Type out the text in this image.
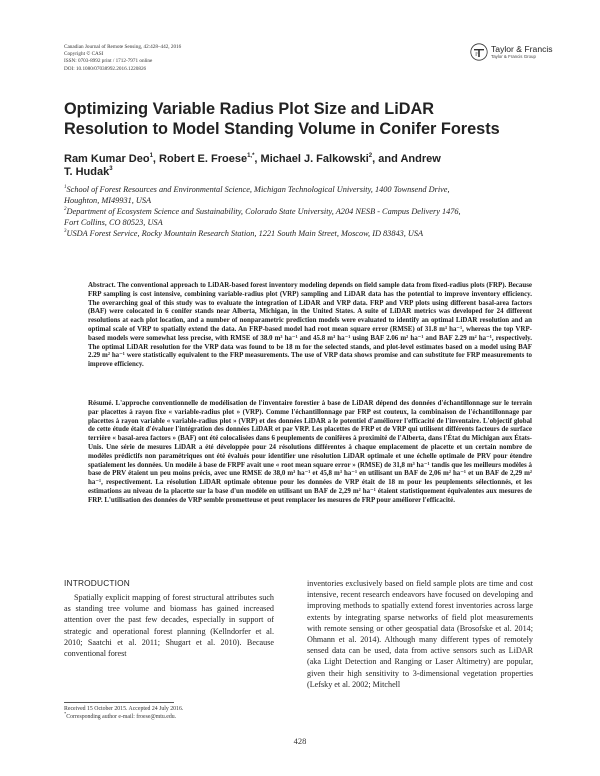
Canadian Journal of Remote Sensing, 42:428–442, 2016
Copyright © CASI
ISSN: 0703-8992 print / 1712-7971 online
DOI: 10.1080/07038992.2016.1220826
Taylor & Francis
Taylor & Francis Group
Optimizing Variable Radius Plot Size and LiDAR
Resolution to Model Standing Volume in Conifer Forests
Ram Kumar Deo$^1$, Robert E. Froese$^{1,*}$, Michael J. Falkowski$^2$, and Andrew
T. Hudak$^3$
$^1$School of Forest Resources and Environmental Science, Michigan Technological University, 1400 Townsend Drive, Houghton, MI49931, USA
$^2$Department of Ecosystem Science and Sustainability, Colorado State University, A204 NESB - Campus Delivery 1476, Fort Collins, CO 80523, USA
$^3$USDA Forest Service, Rocky Mountain Research Station, 1221 South Main Street, Moscow, ID 83843, USA
Abstract. The conventional approach to LiDAR-based forest inventory modeling depends on field sample data from fixed-radius plots (FRP). Because FRP sampling is cost intensive, combining variable-radius plot (VRP) sampling and LiDAR data has the potential to improve inventory efficiency. The overarching goal of this study was to evaluate the integration of LiDAR and VRP data. FRP and VRP plots using different basal-area factors (BAF) were colocated in 6 conifer stands near Alberta, Michigan, in the United States. A suite of LiDAR metrics was developed for 24 different resolutions at each plot location, and a number of nonparametric prediction models were evaluated to identify an optimal LiDAR resolution and an optimal scale of VRP to spatially extend the data. An FRP-based model had root mean square error (RMSE) of 31.8 m³ ha⁻¹, whereas the top VRP-based models were somewhat less precise, with RMSE of 38.0 m³ ha⁻¹ and 45.8 m³ ha⁻¹ using BAF 2.06 m² ha⁻¹ and BAF 2.29 m² ha⁻¹, respectively. The optimal LiDAR resolution for the VRP data was found to be 18 m for the selected stands, and plot-level estimates based on a model using BAF 2.29 m² ha⁻¹ were statistically equivalent to the FRP measurements. The use of VRP data shows promise and can substitute for FRP measurements to improve efficiency.
Résumé. L'approche conventionnelle de modélisation de l'inventaire forestier à base de LiDAR dépend des données d'échantillonnage sur le terrain par placettes à rayon fixe « variable-radius plot » (VRP). Comme l'échantillonnage par FRP est couteux, la combinaison de l'échantillonnage par placettes à rayon variable « variable-radius plot » (VRP) et des données LiDAR a le potentiel d'améliorer l'efficacité de l'inventaire. L'objectif global de cette étude était d'évaluer l'intégration des données LiDAR et par VRP. Les placettes de FRP et de VRP qui utilisent différents facteurs de surface terrière « basal-area factors » (BAF) ont été colocalisées dans 6 peuplements de conifères à proximité de l'Alberta, dans l'État du Michigan aux États-Unis. Une série de mesures LiDAR a été développée pour 24 résolutions différentes à chaque emplacement de placette et un certain nombre de modèles prédictifs non paramétriques ont été évalués pour identifier une résolution LiDAR optimale et une échelle optimale de PRV pour étendre spatialement les données. Un modèle à base de FRPF avait une « root mean square error » (RMSE) de 31,8 m³ ha⁻¹ tandis que les meilleurs modèles à base de PRV étaient un peu moins précis, avec une RMSE de 38,0 m³ ha⁻¹ et 45,8 m³ ha⁻¹ en utilisant un BAF de 2,06 m² ha⁻¹ et un BAF de 2,29 m² ha⁻¹, respectivement. La résolution LiDAR optimale obtenue pour les données de VRP était de 18 m pour les peuplements sélectionnés, et les estimations au niveau de la placette sur la base d'un modèle en utilisant un BAF de 2,29 m² ha⁻¹ étaient statistiquement équivalentes aux mesures de FRP. L'utilisation des données de VRP semble prometteuse et peut remplacer les mesures de FRP pour améliorer l'efficacité.
INTRODUCTION
Spatially explicit mapping of forest structural attributes such as standing tree volume and biomass has gained increased attention over the past few decades, especially in support of strategic and operational forest planning (Kellndorfer et al. 2010; Saatchi et al. 2011; Shugart et al. 2010). Because conventional forest
inventories exclusively based on field sample plots are time and cost intensive, recent research endeavors have focused on developing and improving methods to spatially extend forest inventories across large extents by integrating sparse networks of field plot measurements with remote sensing or other geospatial data (Brosofske et al. 2014; Ohmann et al. 2014). Although many different types of remotely sensed data can be used, data from active sensors such as LiDAR (aka Light Detection and Ranging or Laser Altimetry) are popular, given their high sensitivity to 3-dimensional vegetation properties (Lefsky et al. 2002; Mitchell
Received 15 October 2015. Accepted 24 July 2016.
*Corresponding author e-mail: froese@mtu.edu.
428
